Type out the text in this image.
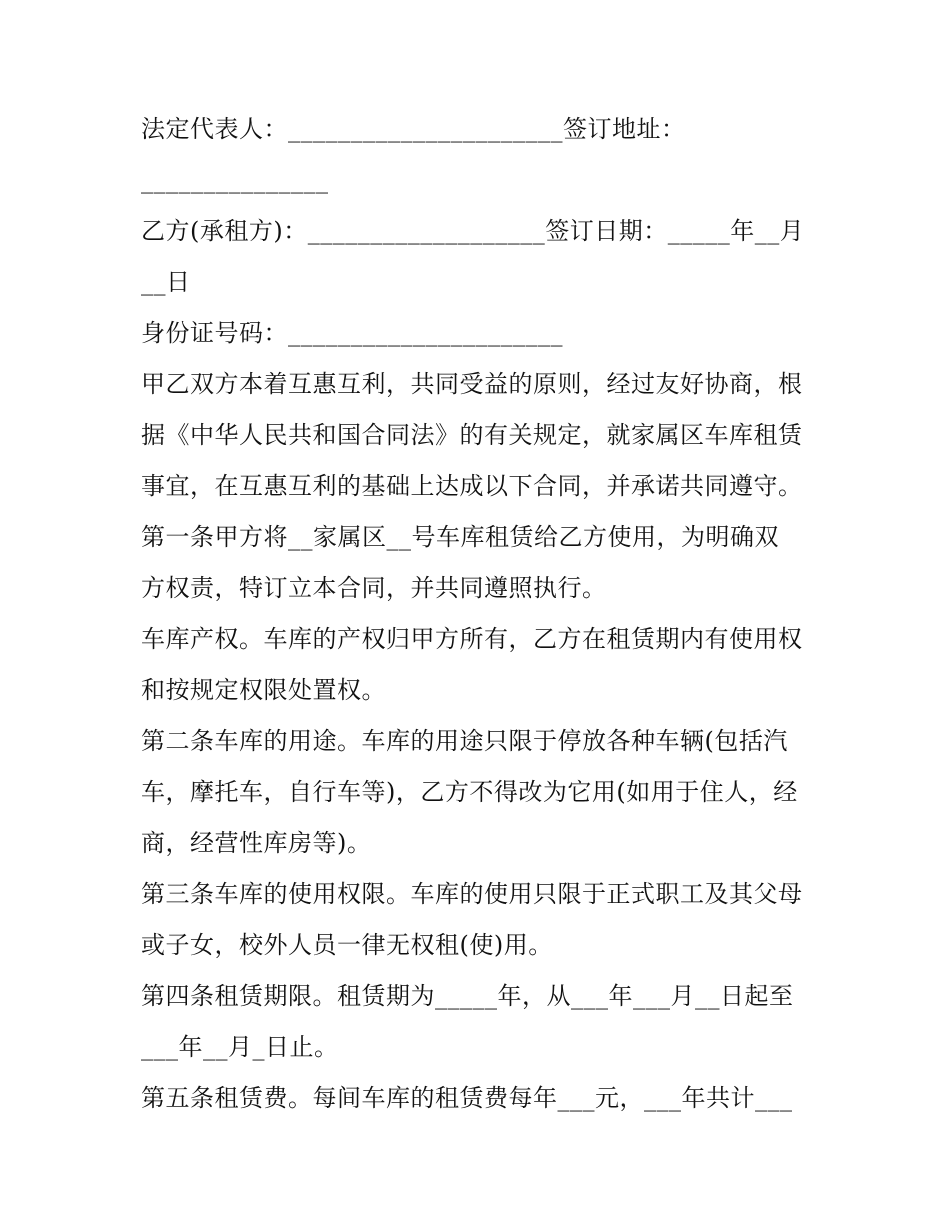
法定代表人：______________________签订地址：
_______________
乙方(承租方)：___________________签订日期：_____年__月
__日
身份证号码：______________________
甲乙双方本着互惠互利，共同受益的原则，经过友好协商，根
据《中华人民共和国合同法》的有关规定，就家属区车库租赁
事宜，在互惠互利的基础上达成以下合同，并承诺共同遵守。
第一条甲方将__家属区__号车库租赁给乙方使用，为明确双
方权责，特订立本合同，并共同遵照执行。
车库产权。车库的产权归甲方所有，乙方在租赁期内有使用权
和按规定权限处置权。
第二条车库的用途。车库的用途只限于停放各种车辆(包括汽
车，摩托车，自行车等)，乙方不得改为它用(如用于住人，经
商，经营性库房等)。
第三条车库的使用权限。车库的使用只限于正式职工及其父母
或子女，校外人员一律无权租(使)用。
第四条租赁期限。租赁期为_____年，从___年___月__日起至
___年__月_日止。
第五条租赁费。每间车库的租赁费每年___元，___年共计___
